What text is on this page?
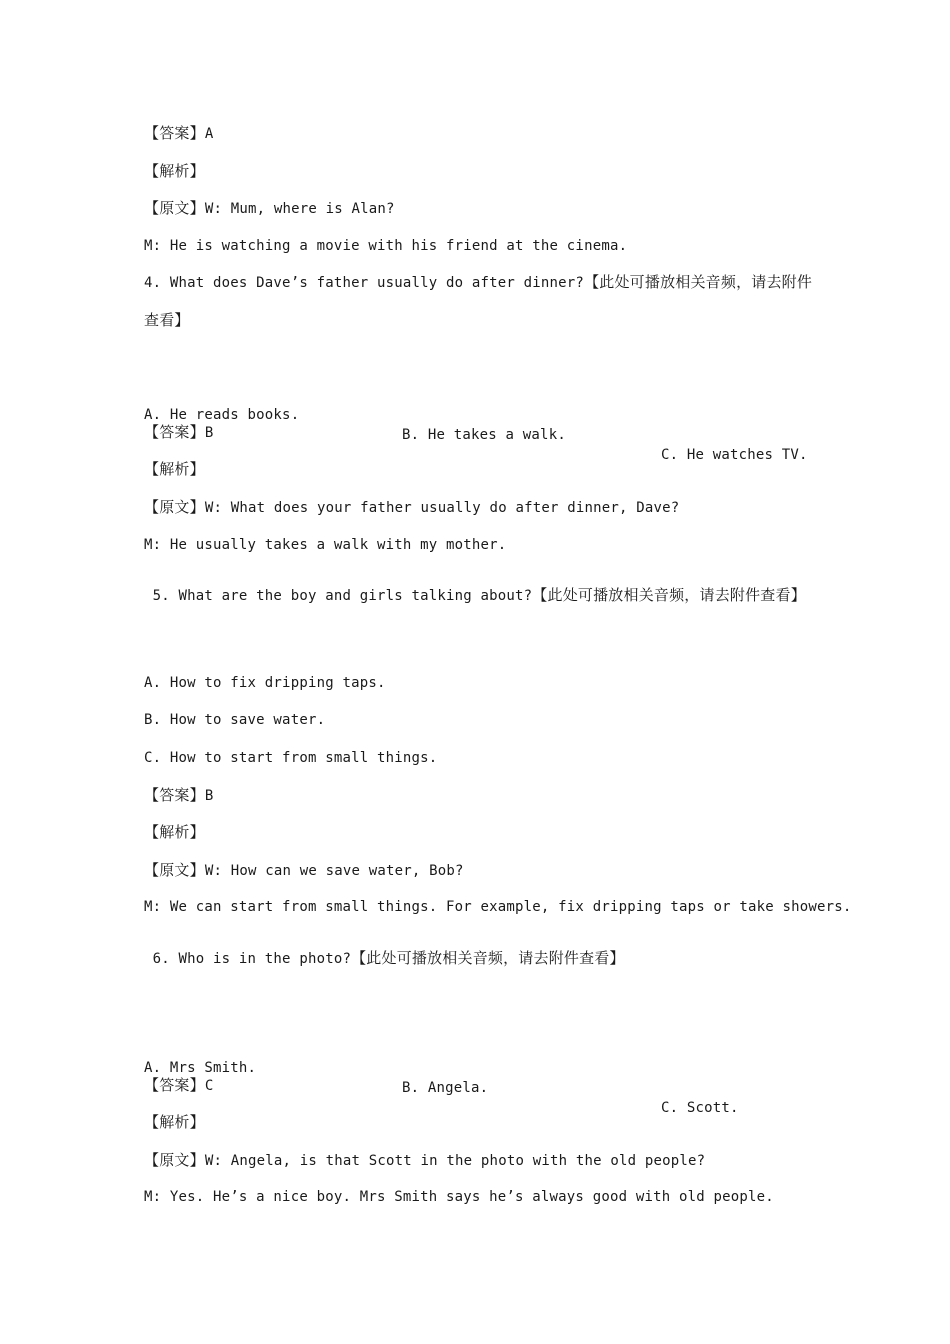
【答案】A
【解析】
【原文】W: Mum, where is Alan?
M: He is watching a movie with his friend at the cinema.
4. What does Dave’s father usually do after dinner?【此处可播放相关音频，请去附件查看】

A. He reads books.

B. He takes a walk.

C. He watches TV.

【答案】B
【解析】
【原文】W: What does your father usually do after dinner, Dave?
M: He usually takes a walk with my mother.
5. What are the boy and girls talking about?【此处可播放相关音频，请去附件查看】
A. How to fix dripping taps.
B. How to save water.
C. How to start from small things.
【答案】B
【解析】
【原文】W: How can we save water, Bob?
M: We can start from small things. For example, fix dripping taps or take showers.
6. Who is in the photo?【此处可播放相关音频，请去附件查看】

A. Mrs Smith.

B. Angela.

C. Scott.

【答案】C
【解析】
【原文】W: Angela, is that Scott in the photo with the old people?
M: Yes. He’s a nice boy. Mrs Smith says he’s always good with old people.
